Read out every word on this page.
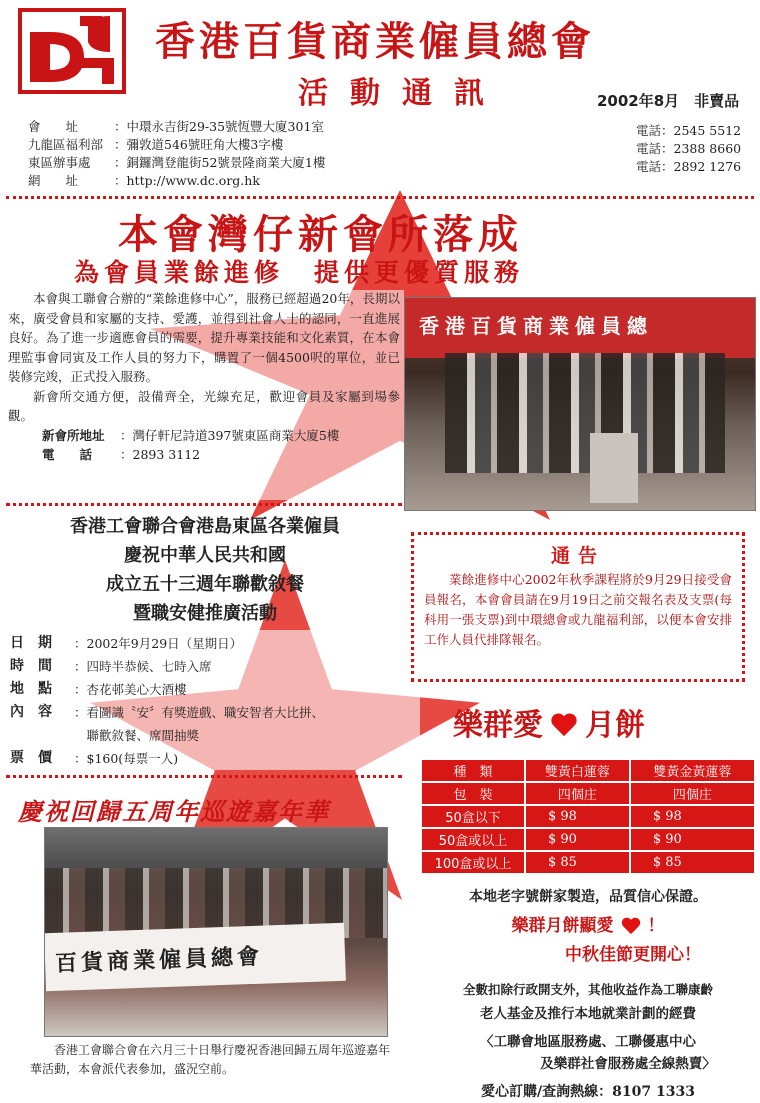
香港百貨商業僱員總會
活動通訊	2002年8月　非賣品
會　　址	：中環永吉街29-35號恆豐大廈301室
九龍區福利部 ：彌敦道546號旺角大樓3字樓
東區辦事處	：銅鑼灣登龍街52號景隆商業大廈1樓
網　　址	：http://www.dc.org.hk
電話：2545 5512
電話：2388 8660
電話：2892 1276
本會灣仔新會所落成
為會員業餘進修　提供更優質服務

本會與工聯會合辦的“業餘進修中心”，服務已經超過20年，長期以來，廣受會員和家屬的支持、愛護，並得到社會人士的認同，一直進展良好。為了進一步適應會員的需要，提升專業技能和文化素質，在本會理監事會同寅及工作人員的努力下，購置了一個4500呎的單位，並已裝修完竣，正式投入服務。

新會所交通方便，設備齊全，光線充足，歡迎會員及家屬到場參觀。

新會所地址	：灣仔軒尼詩道397號東區商業大廈5樓
電　　話	：2893 3112
香港百貨商業僱員總
香港工會聯合會港島東區各業僱員
慶祝中華人民共和國
成立五十三週年聯歡敘餐
暨職安健推廣活動
日　期	：2002年9月29日（星期日）
時　間	：四時半恭候、七時入席
地　點	：杏花邨美心大酒樓
內　容	：看圖識〝安〞有獎遊戲、職安智者大比拼、
　聯歡敘餐、席間抽獎
票　價	：$160(每票一人)
通告
業餘進修中心2002年秋季課程將於9月29日接受會員報名，本會會員請在9月19日之前交報名表及支票(每科用一張支票)到中環總會或九龍福利部，以便本會安排工作人員代排隊報名。
樂群愛 月餅
種　類	雙黃白蓮蓉	雙黃金黃蓮蓉
包　裝	四個庄	四個庄
50盒以下	$ 98	$ 98
50盒或以上	$ 90	$ 90
100盒或以上	$ 85	$ 85
本地老字號餅家製造，品質信心保證。
樂群月餅顯愛 ！
中秋佳節更開心！
全數扣除行政開支外，其他收益作為工聯康齡
老人基金及推行本地就業計劃的經費
〈工聯會地區服務處、工聯優惠中心
及樂群社會服務處全線熱賣〉
愛心訂購/查詢熱線：8107 1333
慶祝回歸五周年巡遊嘉年華
百貨商業僱員總會
香港工會聯合會在六月三十日舉行慶祝香港回歸五周年巡遊嘉年華活動，本會派代表參加，盛況空前。
